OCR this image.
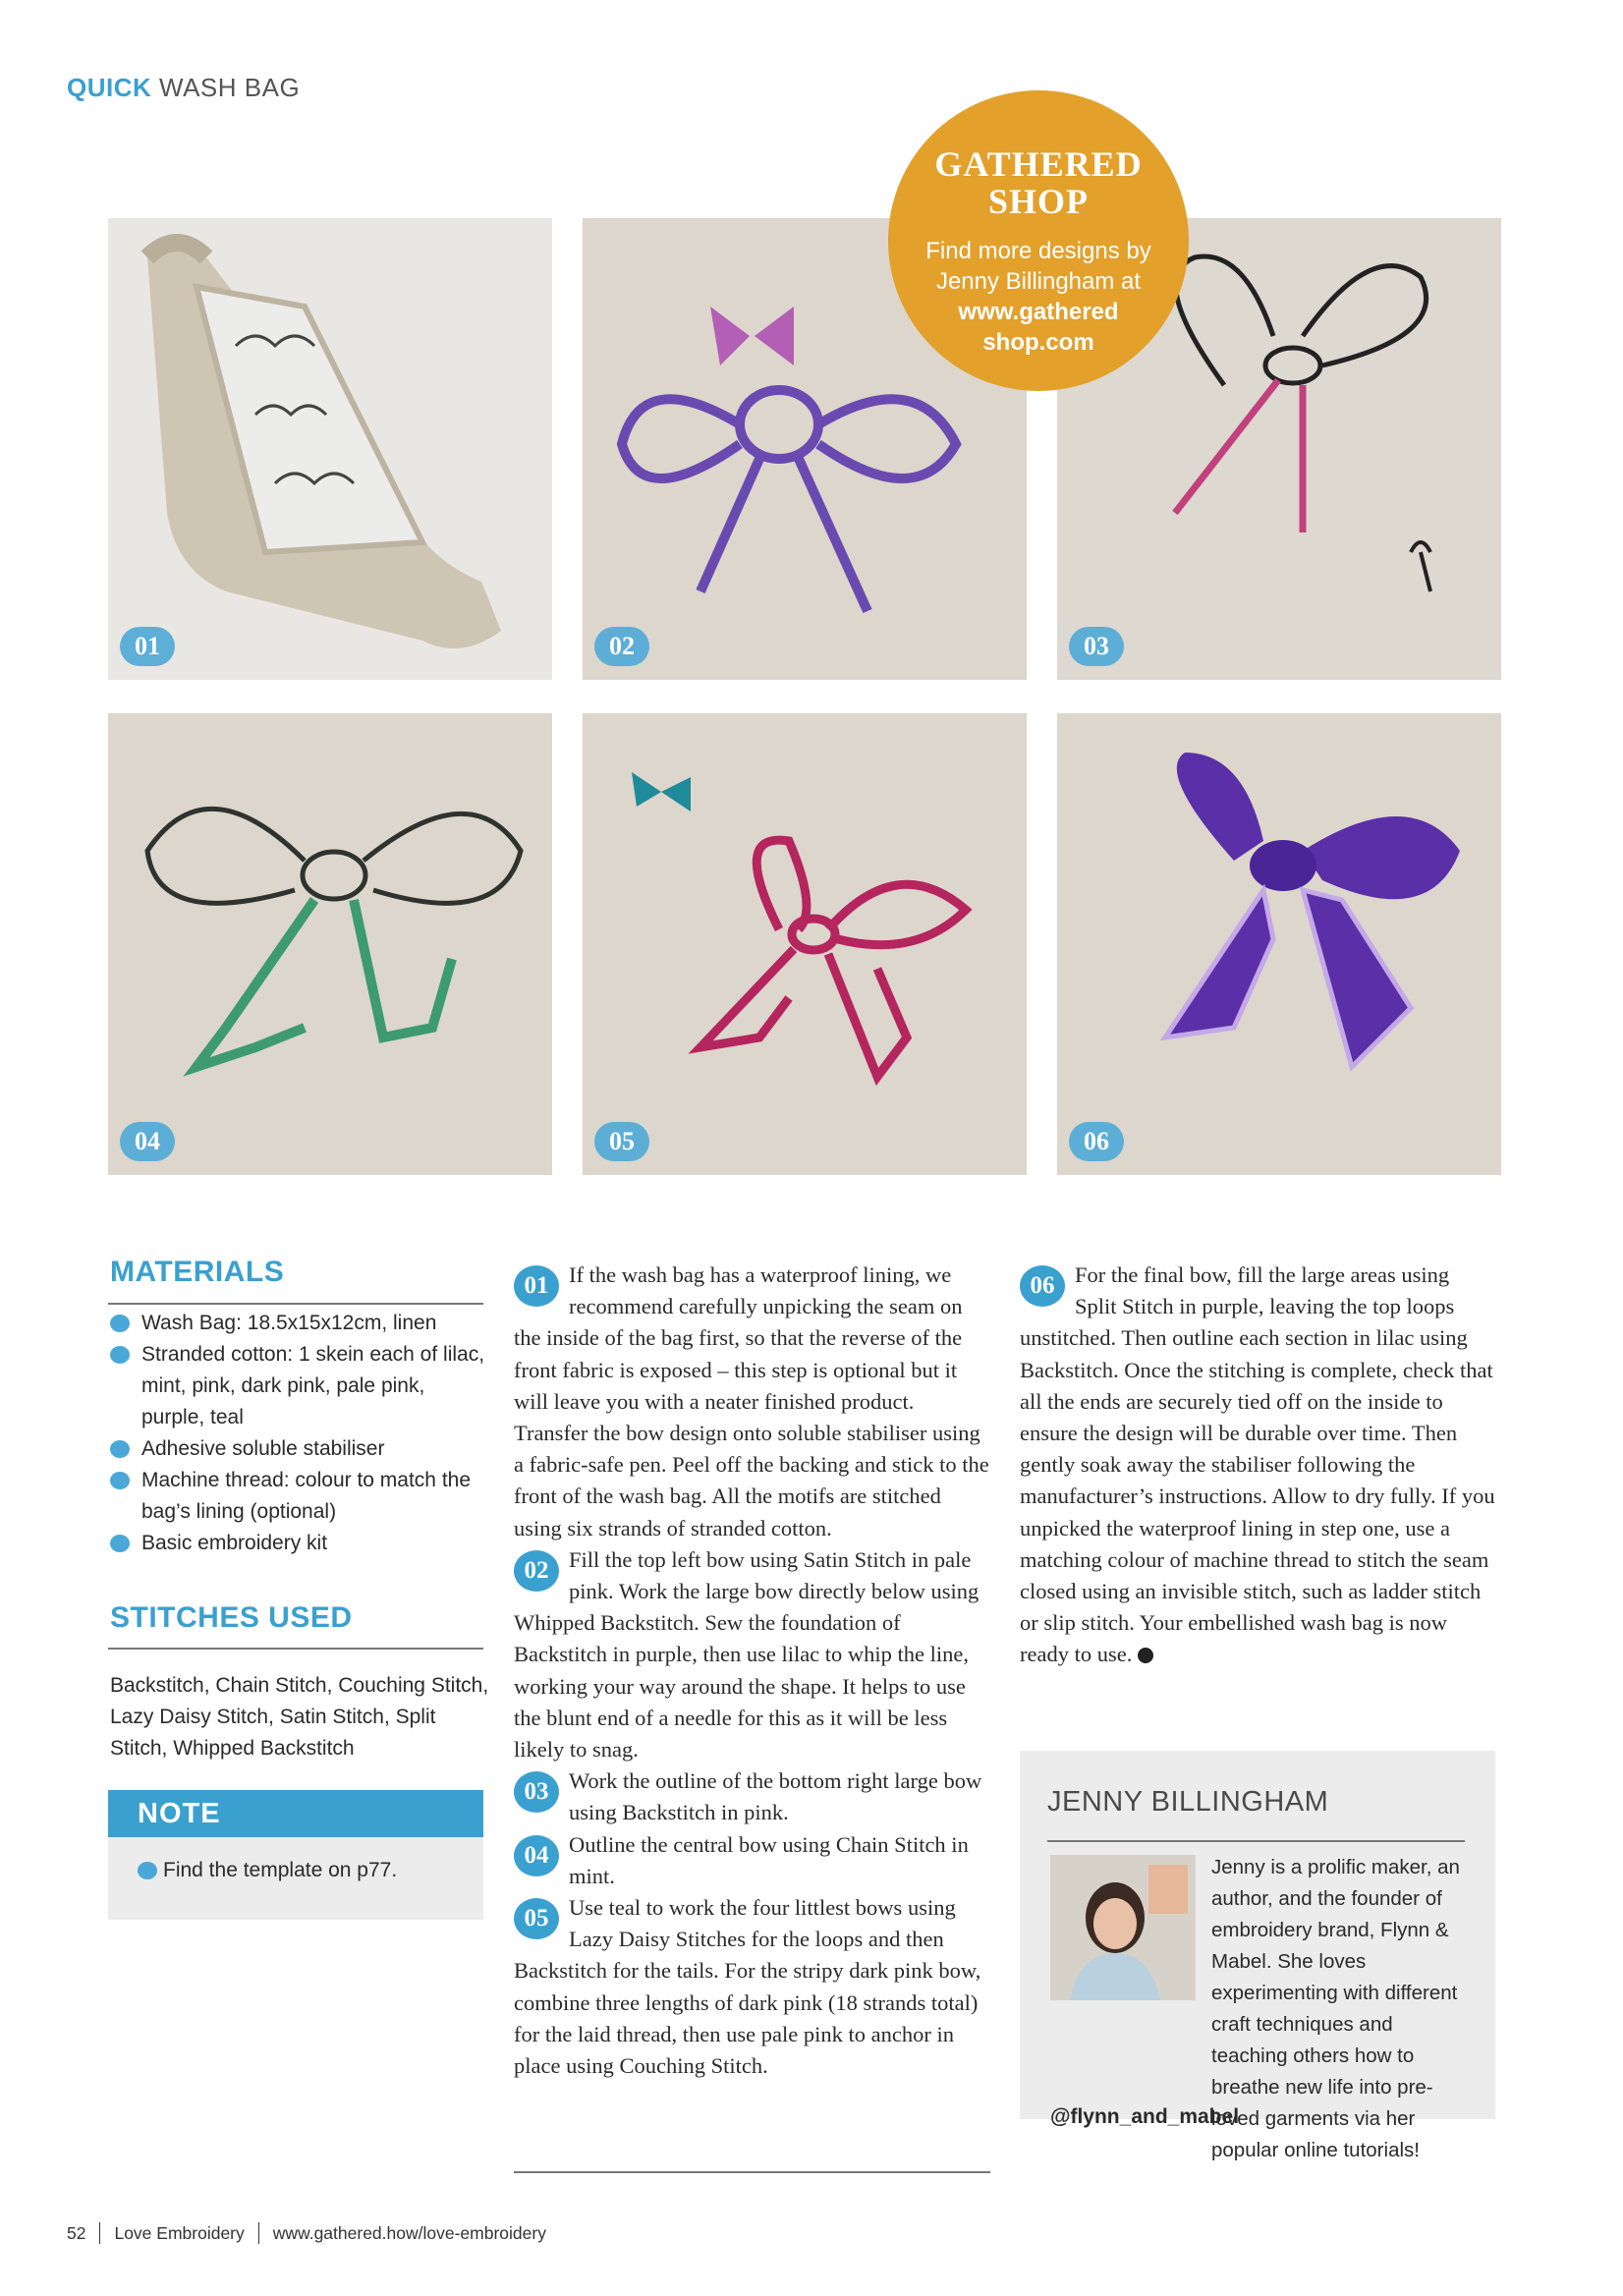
QUICK WASH BAG
01	02	03
04	05	06
GATHERED
SHOP
Find more designs by
Jenny Billingham at
www.gathered
shop.com
MATERIALS
Wash Bag: 18.5x15x12cm, linen
Stranded cotton: 1 skein each of lilac, mint, pink, dark pink, pale pink, purple, teal
Adhesive soluble stabiliser
Machine thread: colour to match the bag’s lining (optional)
Basic embroidery kit
STITCHES USED
Backstitch, Chain Stitch, Couching Stitch, Lazy Daisy Stitch, Satin Stitch, Split Stitch, Whipped Backstitch
NOTE
Find the template on p77.
01 If the wash bag has a waterproof lining, we recommend carefully unpicking the seam on the inside of the bag first, so that the reverse of the front fabric is exposed – this step is optional but it will leave you with a neater finished product. Transfer the bow design onto soluble stabiliser using a fabric-safe pen. Peel off the backing and stick to the front of the wash bag. All the motifs are stitched using six strands of stranded cotton.
02 Fill the top left bow using Satin Stitch in pale pink. Work the large bow directly below using Whipped Backstitch. Sew the foundation of Backstitch in purple, then use lilac to whip the line, working your way around the shape. It helps to use the blunt end of a needle for this as it will be less likely to snag.
03 Work the outline of the bottom right large bow using Backstitch in pink.
04 Outline the central bow using Chain Stitch in mint.
05 Use teal to work the four littlest bows using Lazy Daisy Stitches for the loops and then Backstitch for the tails. For the stripy dark pink bow, combine three lengths of dark pink (18 strands total) for the laid thread, then use pale pink to anchor in place using Couching Stitch.
06 For the final bow, fill the large areas using Split Stitch in purple, leaving the top loops unstitched. Then outline each section in lilac using Backstitch. Once the stitching is complete, check that all the ends are securely tied off on the inside to ensure the design will be durable over time. Then gently soak away the stabiliser following the manufacturer’s instructions. Allow to dry fully. If you unpicked the waterproof lining in step one, use a matching colour of machine thread to stitch the seam closed using an invisible stitch, such as ladder stitch or slip stitch. Your embellished wash bag is now ready to use.
JENNY BILLINGHAM
Jenny is a prolific maker, an author, and the founder of embroidery brand, Flynn & Mabel. She loves experimenting with different craft techniques and teaching others how to breathe new life into pre-loved garments via her popular online tutorials!
@flynn_and_mabel
52 Love Embroidery www.gathered.how/love-embroidery
